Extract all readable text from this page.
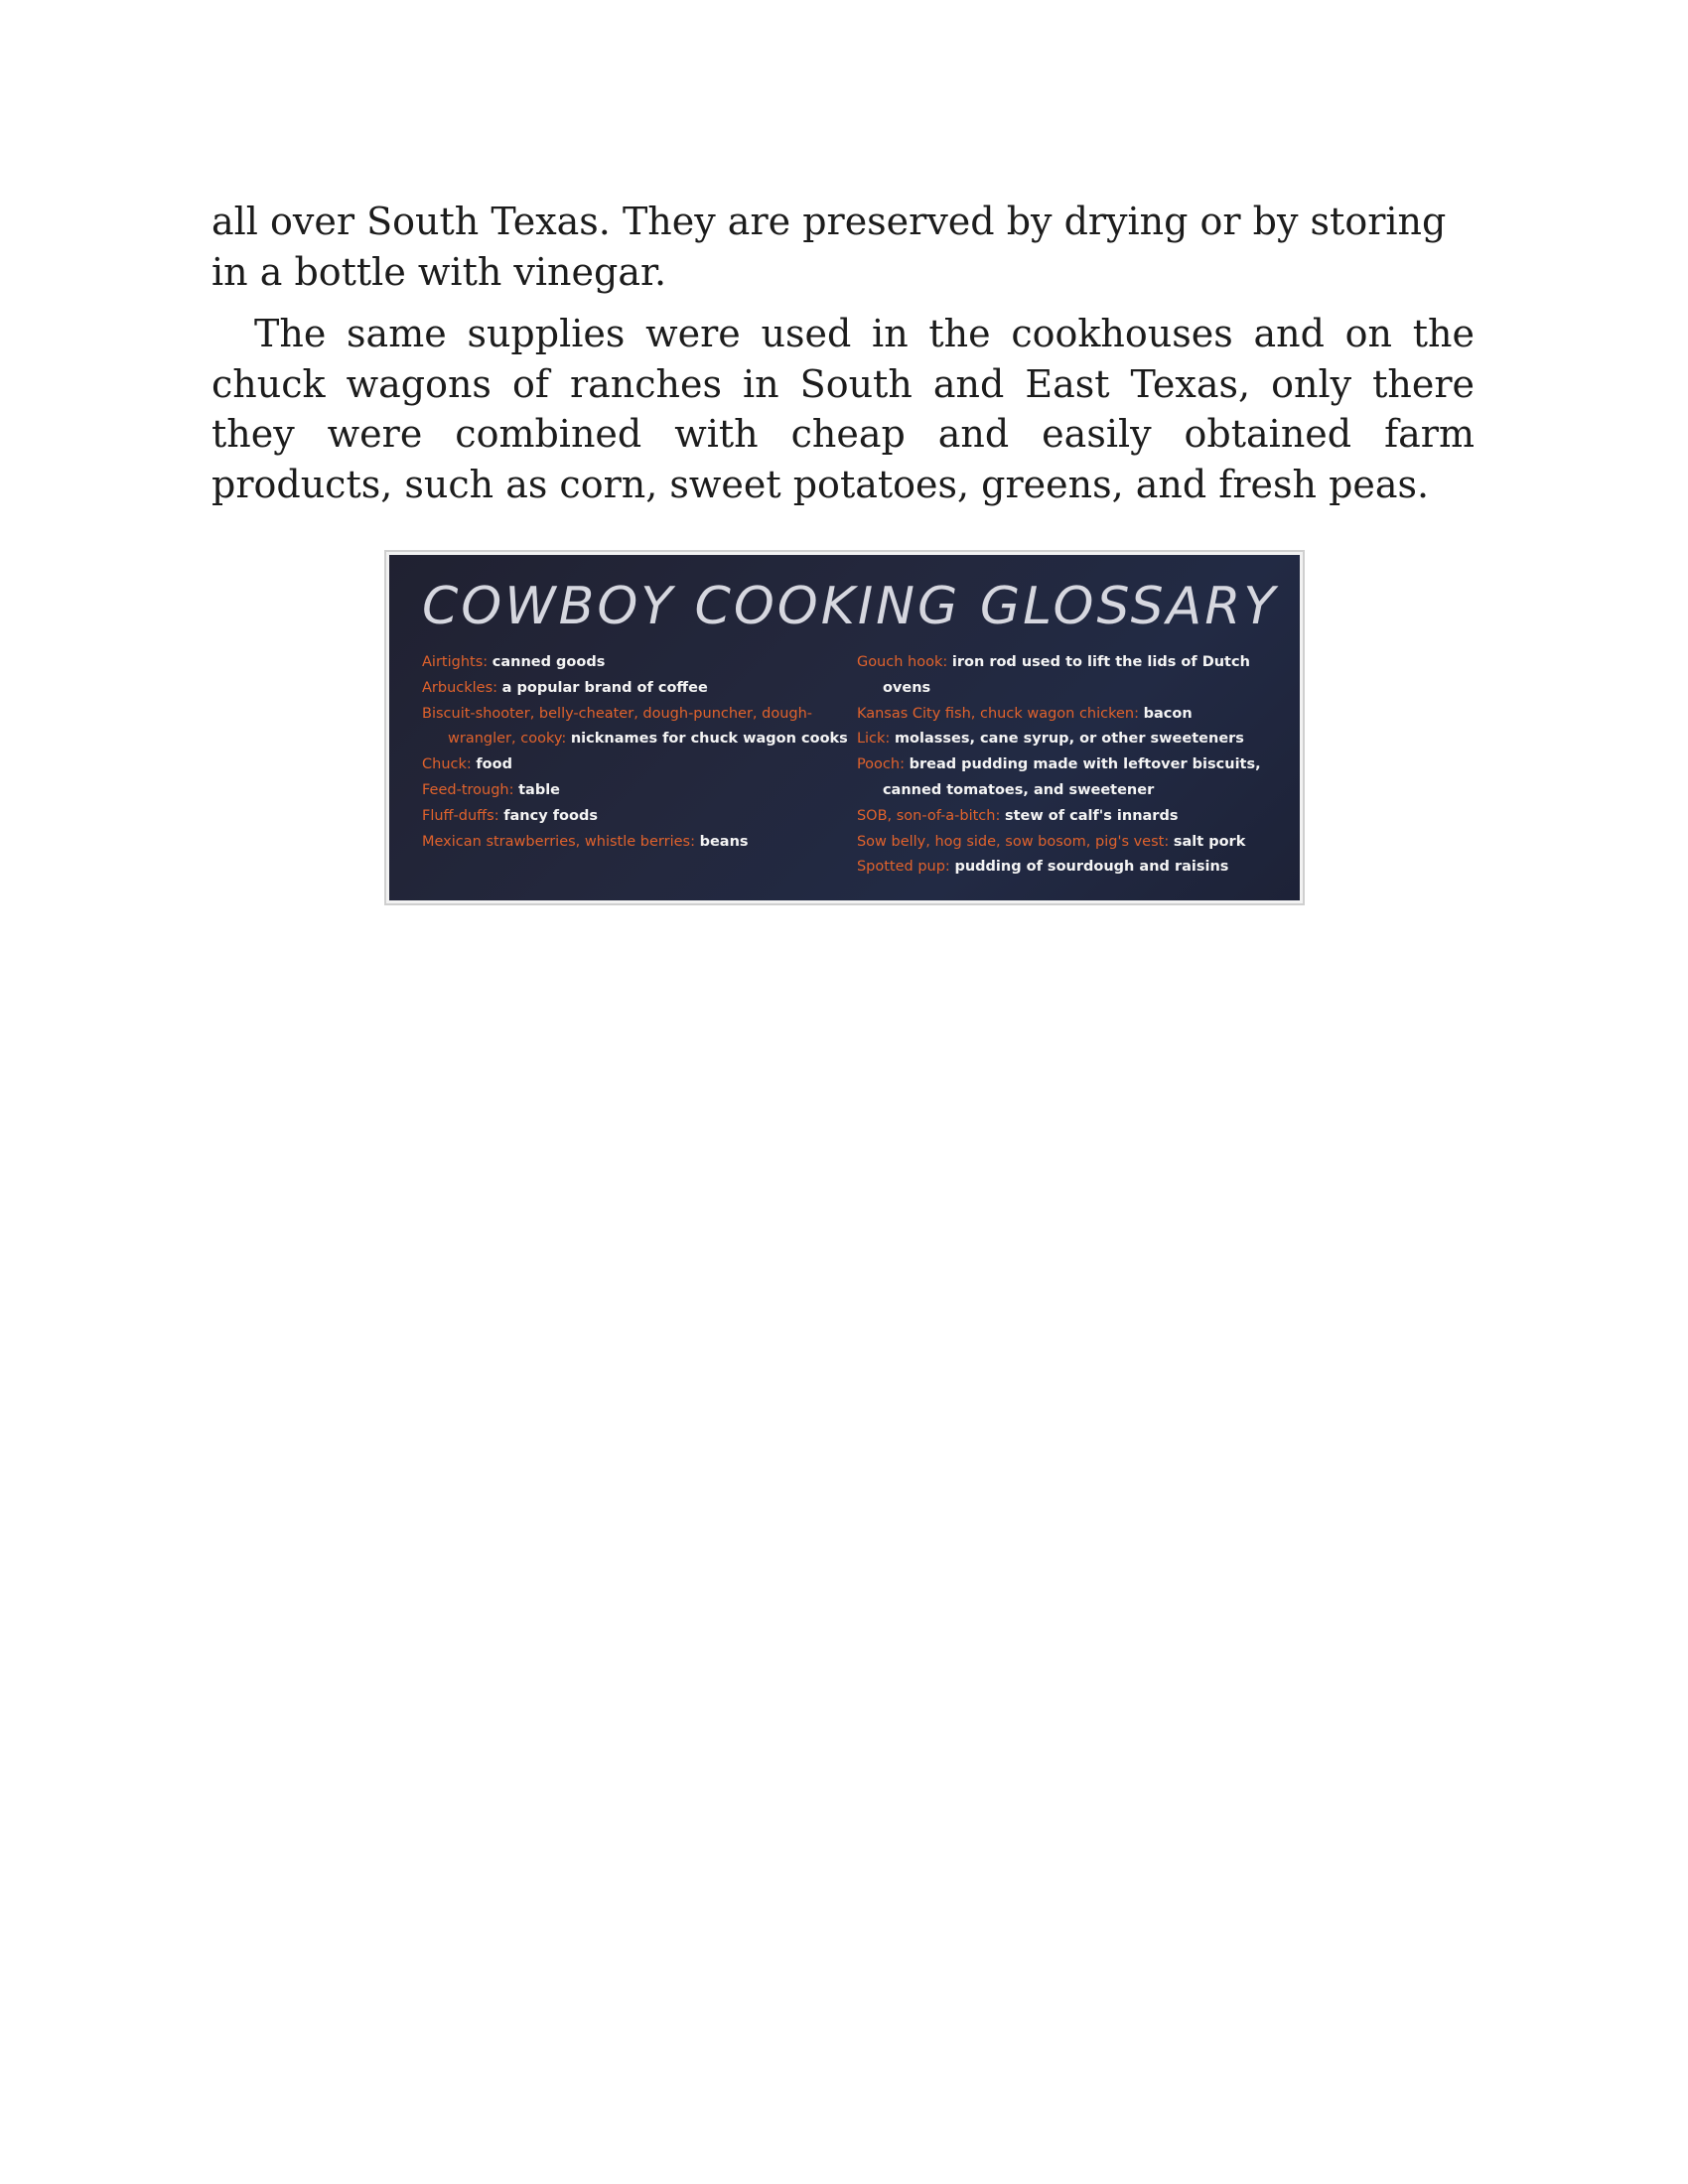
all over South Texas. They are preserved by drying or by storing in a bottle with vinegar.

The same supplies were used in the cookhouses and on the chuck wagons of ranches in South and East Texas, only there they were combined with cheap and easily obtained farm products, such as corn, sweet potatoes, greens, and fresh peas.

COWBOY COOKING GLOSSARY
Airtights: canned goods
Arbuckles: a popular brand of coffee
Biscuit-shooter, belly-cheater, dough-puncher, dough-wrangler, cooky: nicknames for chuck wagon cooks
Chuck: food
Feed-trough: table
Fluff-duffs: fancy foods
Mexican strawberries, whistle berries: beans
Gouch hook: iron rod used to lift the lids of Dutch ovens
Kansas City fish, chuck wagon chicken: bacon
Lick: molasses, cane syrup, or other sweeteners
Pooch: bread pudding made with leftover biscuits, canned tomatoes, and sweetener
SOB, son-of-a-bitch: stew of calf's innards
Sow belly, hog side, sow bosom, pig's vest: salt pork
Spotted pup: pudding of sourdough and raisins
